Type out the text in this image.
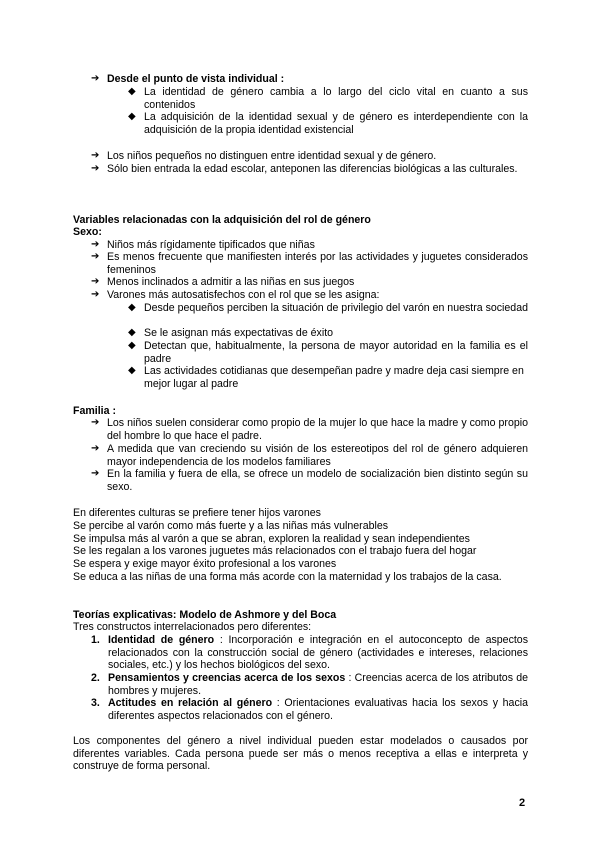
➔ Desde el punto de vista individual :
◆ La identidad de género cambia a lo largo del ciclo vital en cuanto a sus contenidos
◆ La adquisición de la identidad sexual y de género es interdependiente con la adquisición de la propia identidad existencial
➔ Los niños pequeños no distinguen entre identidad sexual y de género.
➔ Sólo bien entrada la edad escolar, anteponen las diferencias biológicas a las culturales.
Variables relacionadas con la adquisición del rol de género
Sexo:
➔ Niños más rígidamente tipificados que niñas
➔ Es menos frecuente que manifiesten interés por las actividades y juguetes considerados femeninos
➔ Menos inclinados a admitir a las niñas en sus juegos
➔ Varones más autosatisfechos con el rol que se les asigna:
◆ Desde pequeños perciben la situación de privilegio del varón en nuestra sociedad
◆ Se le asignan más expectativas de éxito
◆ Detectan que, habitualmente, la persona de mayor autoridad en la familia es el padre
◆ Las actividades cotidianas que desempeñan padre y madre deja casi siempre en mejor lugar al padre
Familia :
➔ Los niños suelen considerar como propio de la mujer lo que hace la madre y como propio del hombre lo que hace el padre.
➔ A medida que van creciendo su visión de los estereotipos del rol de género adquieren mayor independencia de los modelos familiares
➔ En la familia y fuera de ella, se ofrece un modelo de socialización bien distinto según su sexo.
En diferentes culturas se prefiere tener hijos varones
Se percibe al varón como más fuerte y a las niñas más vulnerables
Se impulsa más al varón a que se abran, exploren la realidad y sean independientes
Se les regalan a los varones juguetes más relacionados con el trabajo fuera del hogar
Se espera y exige mayor éxito profesional a los varones
Se educa a las niñas de una forma más acorde con la maternidad y los trabajos de la casa.
Teorías explicativas: Modelo de Ashmore y del Boca
Tres constructos interrelacionados pero diferentes:
1. Identidad de género : Incorporación e integración en el autoconcepto de aspectos relacionados con la construcción social de género (actividades e intereses, relaciones sociales, etc.) y los hechos biológicos del sexo.
2. Pensamientos y creencias acerca de los sexos : Creencias acerca de los atributos de hombres y mujeres.
3. Actitudes en relación al género : Orientaciones evaluativas hacia los sexos y hacia diferentes aspectos relacionados con el género.
Los componentes del género a nivel individual pueden estar modelados o causados por diferentes variables. Cada persona puede ser más o menos receptiva a ellas e interpreta y construye de forma personal.
2
